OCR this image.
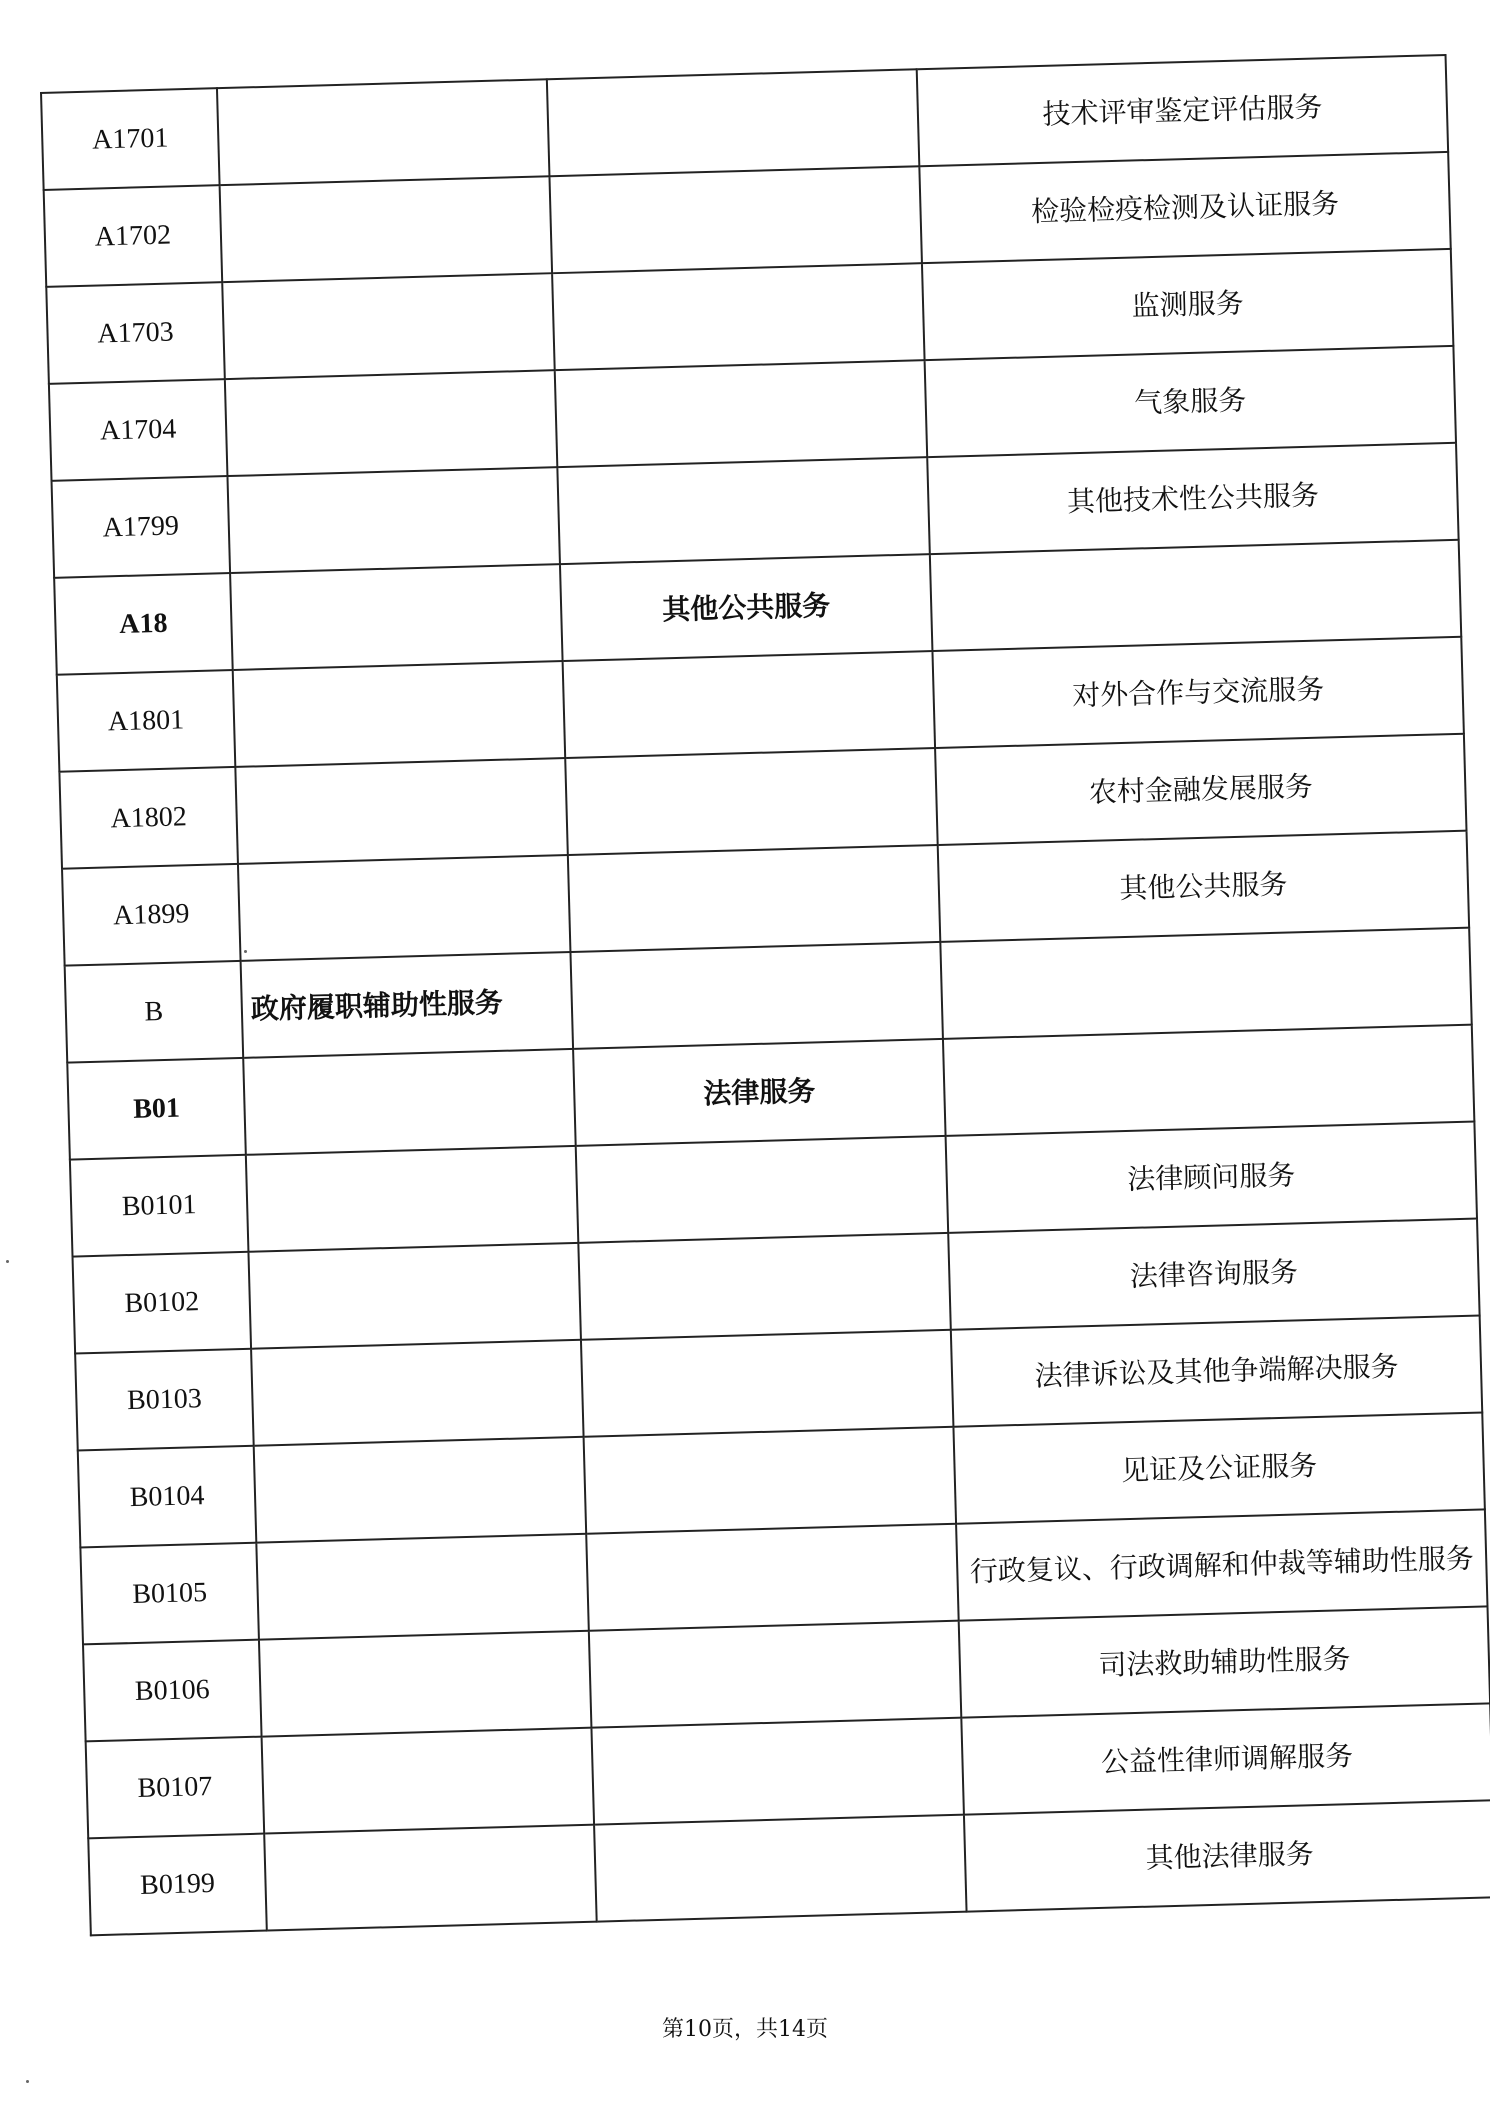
A1701			技术评审鉴定评估服务
A1702			检验检疫检测及认证服务
A1703			监测服务
A1704			气象服务
A1799			其他技术性公共服务
A18		其他公共服务	
A1801			对外合作与交流服务
A1802			农村金融发展服务
A1899			其他公共服务
B	政府履职辅助性服务		
B01		法律服务	
B0101			法律顾问服务
B0102			法律咨询服务
B0103			法律诉讼及其他争端解决服务
B0104			见证及公证服务
B0105			行政复议、行政调解和仲裁等辅助性服务
B0106			司法救助辅助性服务
B0107			公益性律师调解服务
B0199			其他法律服务
第10页，共14页
